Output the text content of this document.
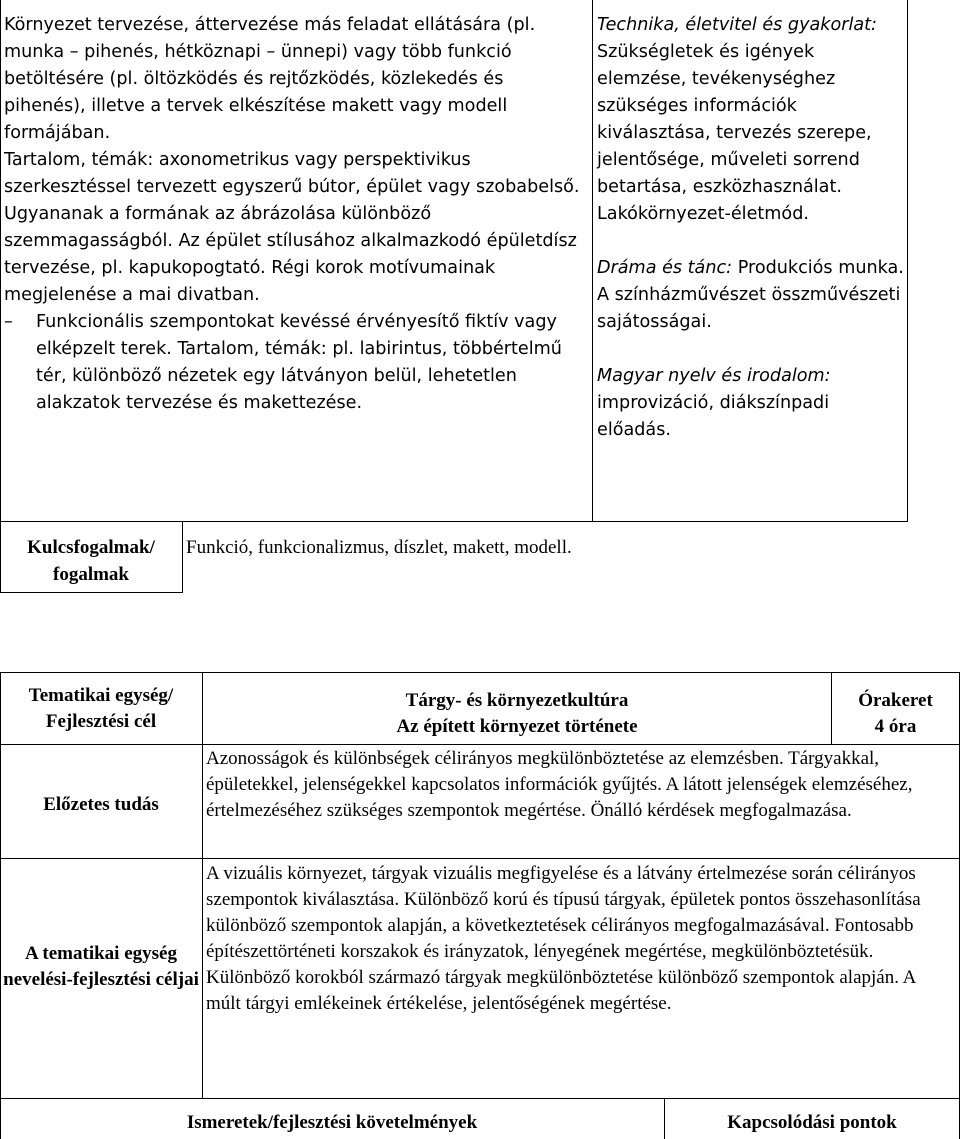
Környezet tervezése, áttervezése más feladat ellátására (pl. munka – pihenés, hétköznapi – ünnepi) vagy több funkció betöltésére (pl. öltözködés és rejtőzködés, közlekedés és pihenés), illetve a tervek elkészítése makett vagy modell formájában.

Tartalom, témák: axonometrikus vagy perspektivikus szerkesztéssel tervezett egyszerű bútor, épület vagy szobabelső. Ugyananak a formának az ábrázolása különböző szemmagasságból. Az épület stílusához alkalmazkodó épületdísz tervezése, pl. kapukopogtató. Régi korok motívumainak megjelenése a mai divatban.

–	Funkcionális szempontokat kevéssé érvényesítő fiktív vagy elképzelt terek. Tartalom, témák: pl. labirintus, többértelmű tér, különböző nézetek egy látványon belül, lehetetlen alakzatok tervezése és makettezése.

Technika, életvitel és gyakorlat: Szükségletek és igények elemzése, tevékenységhez szükséges információk kiválasztása, tervezés szerepe, jelentősége, műveleti sorrend betartása, eszközhasználat. Lakókörnyezet-életmód.

Dráma és tánc: Produkciós munka. A színházművészet összművészeti sajátosságai.

Magyar nyelv és irodalom: improvizáció, diákszínpadi előadás.

Kulcsfogalmak/ fogalmak
Funkció, funkcionalizmus, díszlet, makett, modell.
Tematikai egység/ Fejlesztési cél
Tárgy- és környezetkultúra
Az épített környezet története
Órakeret
4 óra
Előzetes tudás
Azonosságok és különbségek célirányos megkülönböztetése az elemzésben. Tárgyakkal, épületekkel, jelenségekkel kapcsolatos információk gyűjtés. A látott jelenségek elemzéséhez, értelmezéséhez szükséges szempontok megértése. Önálló kérdések megfogalmazása.
A tematikai egység nevelési-fejlesztési céljai
A vizuális környezet, tárgyak vizuális megfigyelése és a látvány értelmezése során célirányos szempontok kiválasztása. Különböző korú és típusú tárgyak, épületek pontos összehasonlítása különböző szempontok alapján, a következtetések célirányos megfogalmazásával. Fontosabb építészettörténeti korszakok és irányzatok, lényegének megértése, megkülönböztetésük. Különböző korokból származó tárgyak megkülönböztetése különböző szempontok alapján. A múlt tárgyi emlékeinek értékelése, jelentőségének megértése.
Ismeretek/fejlesztési követelmények	Kapcsolódási pontok
